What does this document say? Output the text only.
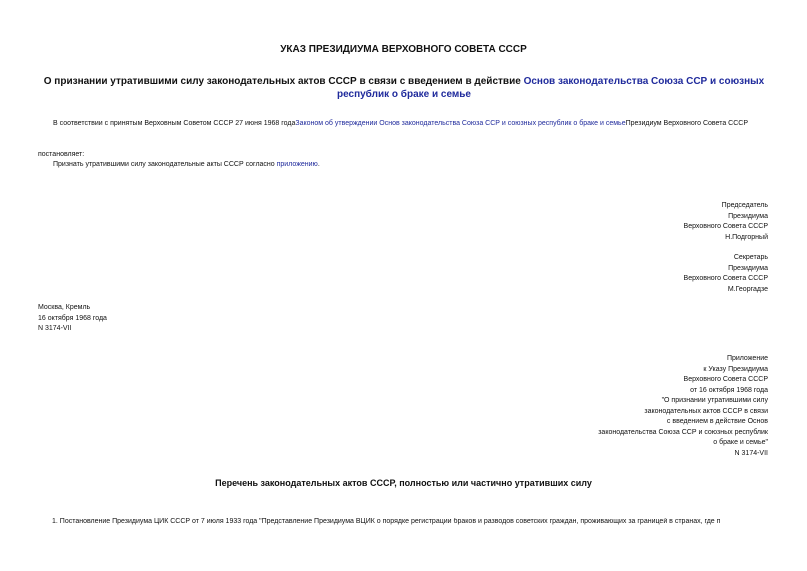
УКАЗ ПРЕЗИДИУМА ВЕРХОВНОГО СОВЕТА СССР
О признании утратившими силу законодательных актов СССР в связи с введением в действие Основ законодательства Союза ССР и союзных республик о браке и семье
В соответствии с принятым Верховным Советом СССР 27 июня 1968 годаЗаконом об утверждении Основ законодательства Союза ССР и союзных республик о браке и семьеПрезидиум Верховного Совета СССР
постановляет:
Признать утратившими силу законодательные акты СССР согласно приложению.
Председатель
Президиума
Верховного Совета СССР
Н.Подгорный
Секретарь
Президиума
Верховного Совета СССР
М.Георгадзе
Москва, Кремль
16 октября 1968 года
N 3174-VII
Приложение
к Указу Президиума
Верховного Совета СССР
от 16 октября 1968 года
"О признании утратившими силу
законодательных актов СССР в связи
с введением в действие Основ
законодательства Союза ССР и союзных республик
о браке и семье"
N 3174-VII
Перечень законодательных актов СССР, полностью или частично утративших силу
1. Постановление Президиума ЦИК СССР от 7 июля 1933 года "Представление Президиума ВЦИК о порядке регистрации браков и разводов советских граждан, проживающих за границей в странах, где п
